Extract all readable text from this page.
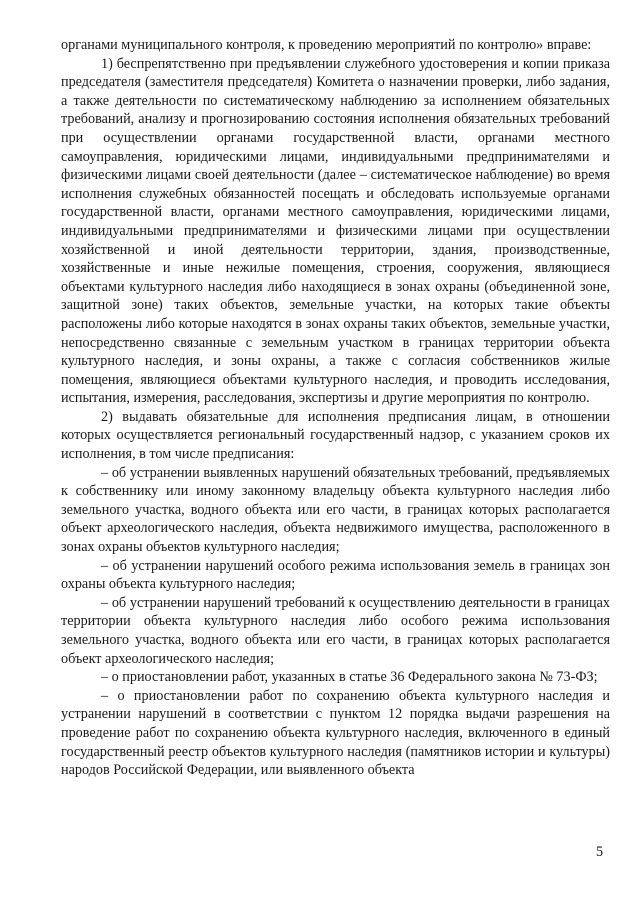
органами муниципального контроля, к проведению мероприятий по контролю» вправе:

1) беспрепятственно при предъявлении служебного удостоверения и копии приказа председателя (заместителя председателя) Комитета о назначении проверки, либо задания, а также деятельности по систематическому наблюдению за исполнением обязательных требований, анализу и прогнозированию состояния исполнения обязательных требований при осуществлении органами государственной власти, органами местного самоуправления, юридическими лицами, индивидуальными предпринимателями и физическими лицами своей деятельности (далее – систематическое наблюдение) во время исполнения служебных обязанностей посещать и обследовать используемые органами государственной власти, органами местного самоуправления, юридическими лицами, индивидуальными предпринимателями и физическими лицами при осуществлении хозяйственной и иной деятельности территории, здания, производственные, хозяйственные и иные нежилые помещения, строения, сооружения, являющиеся объектами культурного наследия либо находящиеся в зонах охраны (объединенной зоне, защитной зоне) таких объектов, земельные участки, на которых такие объекты расположены либо которые находятся в зонах охраны таких объектов, земельные участки, непосредственно связанные с земельным участком в границах территории объекта культурного наследия, и зоны охраны, а также с согласия собственников жилые помещения, являющиеся объектами культурного наследия, и проводить исследования, испытания, измерения, расследования, экспертизы и другие мероприятия по контролю.

2) выдавать обязательные для исполнения предписания лицам, в отношении которых осуществляется региональный государственный надзор, с указанием сроков их исполнения, в том числе предписания:

– об устранении выявленных нарушений обязательных требований, предъявляемых к собственнику или иному законному владельцу объекта культурного наследия либо земельного участка, водного объекта или его части, в границах которых располагается объект археологического наследия, объекта недвижимого имущества, расположенного в зонах охраны объектов культурного наследия;

– об устранении нарушений особого режима использования земель в границах зон охраны объекта культурного наследия;

– об устранении нарушений требований к осуществлению деятельности в границах территории объекта культурного наследия либо особого режима использования земельного участка, водного объекта или его части, в границах которых располагается объект археологического наследия;

– о приостановлении работ, указанных в статье 36 Федерального закона № 73-ФЗ;

– о приостановлении работ по сохранению объекта культурного наследия и устранении нарушений в соответствии с пунктом 12 порядка выдачи разрешения на проведение работ по сохранению объекта культурного наследия, включенного в единый государственный реестр объектов культурного наследия (памятников истории и культуры) народов Российской Федерации, или выявленного объекта

5
